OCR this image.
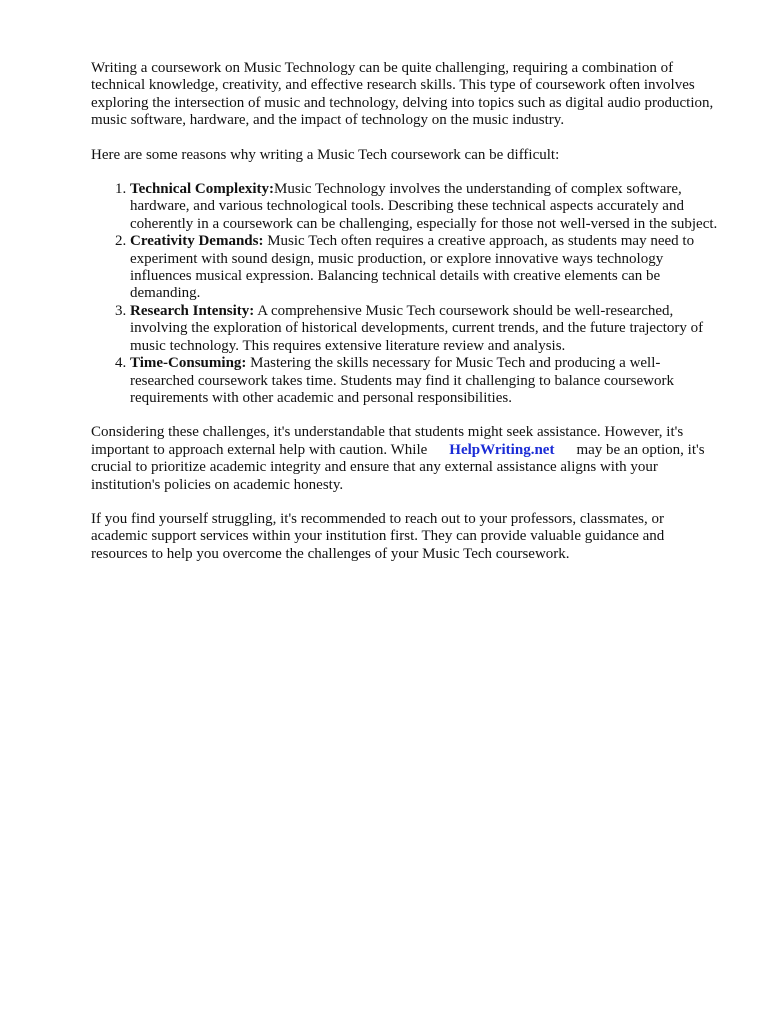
Writing a coursework on Music Technology can be quite challenging, requiring a combination of technical knowledge, creativity, and effective research skills. This type of coursework often involves exploring the intersection of music and technology, delving into topics such as digital audio production, music software, hardware, and the impact of technology on the music industry.

Here are some reasons why writing a Music Tech coursework can be difficult:

1. Technical Complexity:Music Technology involves the understanding of complex software, hardware, and various technological tools. Describing these technical aspects accurately and coherently in a coursework can be challenging, especially for those not well-versed in the subject.
2. Creativity Demands: Music Tech often requires a creative approach, as students may need to experiment with sound design, music production, or explore innovative ways technology influences musical expression. Balancing technical details with creative elements can be demanding.
3. Research Intensity: A comprehensive Music Tech coursework should be well-researched, involving the exploration of historical developments, current trends, and the future trajectory of music technology. This requires extensive literature review and analysis.
4. Time-Consuming: Mastering the skills necessary for Music Tech and producing a well-researched coursework takes time. Students may find it challenging to balance coursework requirements with other academic and personal responsibilities.

Considering these challenges, it's understandable that students might seek assistance. However, it's important to approach external help with caution. While HelpWriting.net may be an option, it's crucial to prioritize academic integrity and ensure that any external assistance aligns with your institution's policies on academic honesty.

If you find yourself struggling, it's recommended to reach out to your professors, classmates, or academic support services within your institution first. They can provide valuable guidance and resources to help you overcome the challenges of your Music Tech coursework.
